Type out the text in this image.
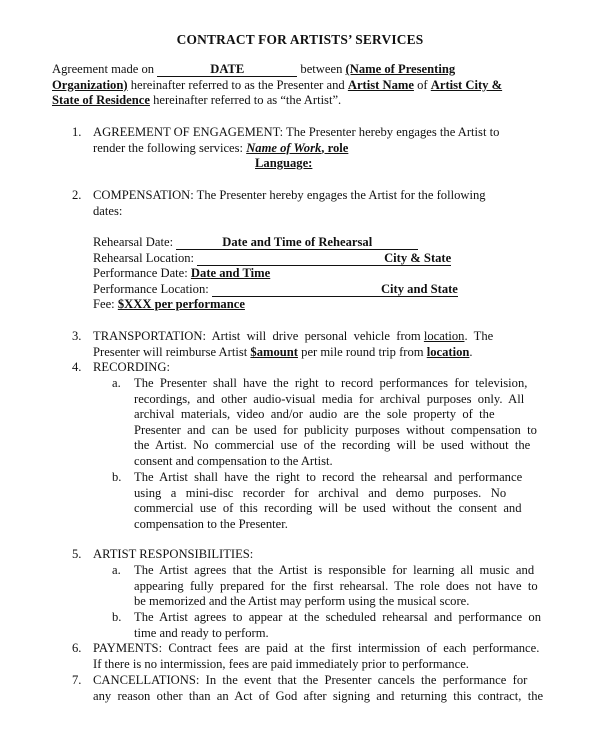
CONTRACT FOR ARTISTS’ SERVICES
Agreement made on	DATE	between (Name of Presenting
Organization) hereinafter referred to as the Presenter and Artist Name of Artist City &
State of Residence hereinafter referred to as “the Artist”.
1. AGREEMENT OF ENGAGEMENT: The Presenter hereby engages the Artist to
render the following services: Name of Work, role
Language:
2. COMPENSATION: The Presenter hereby engages the Artist for the following
dates:
Rehearsal Date:	Date and Time of Rehearsal
Rehearsal Location:	City & State
Performance Date: Date and Time
Performance Location:	City and State
Fee: $XXX per performance
3. TRANSPORTATION:  Artist  will  drive  personal  vehicle  from location.  The
Presenter will reimburse Artist $amount per mile round trip from location.
4. RECORDING:
a. The  Presenter  shall  have  the  right  to  record  performances  for  television,
recordings,  and  other  audio-visual  media  for  archival  purposes  only.  All
archival  materials,  video  and/or  audio  are  the  sole  property  of  the
Presenter  and  can  be  used  for  publicity  purposes  without  compensation  to
the  Artist.  No  commercial  use  of  the  recording  will  be  used  without  the
consent and compensation to the Artist.
b. The  Artist  shall  have  the  right  to  record  the  rehearsal  and  performance
using   a   mini-disc   recorder   for   archival   and   demo   purposes.   No
commercial  use  of  this  recording  will  be  used  without  the  consent  and
compensation to the Presenter.
5. ARTIST RESPONSIBILITIES:
a. The  Artist  agrees  that  the  Artist  is  responsible  for  learning  all  music  and
appearing  fully  prepared  for  the  first  rehearsal.  The  role  does  not  have  to
be memorized and the Artist may perform using the musical score.
b. The  Artist  agrees  to  appear  at  the  scheduled  rehearsal  and  performance  on
time and ready to perform.
6. PAYMENTS:  Contract  fees  are  paid  at  the  first  intermission  of  each  performance.
If there is no intermission, fees are paid immediately prior to performance.
7. CANCELLATIONS:  In  the  event  that  the  Presenter  cancels  the  performance  for
any  reason  other  than  an  Act  of  God  after  signing  and  returning  this  contract,  the
